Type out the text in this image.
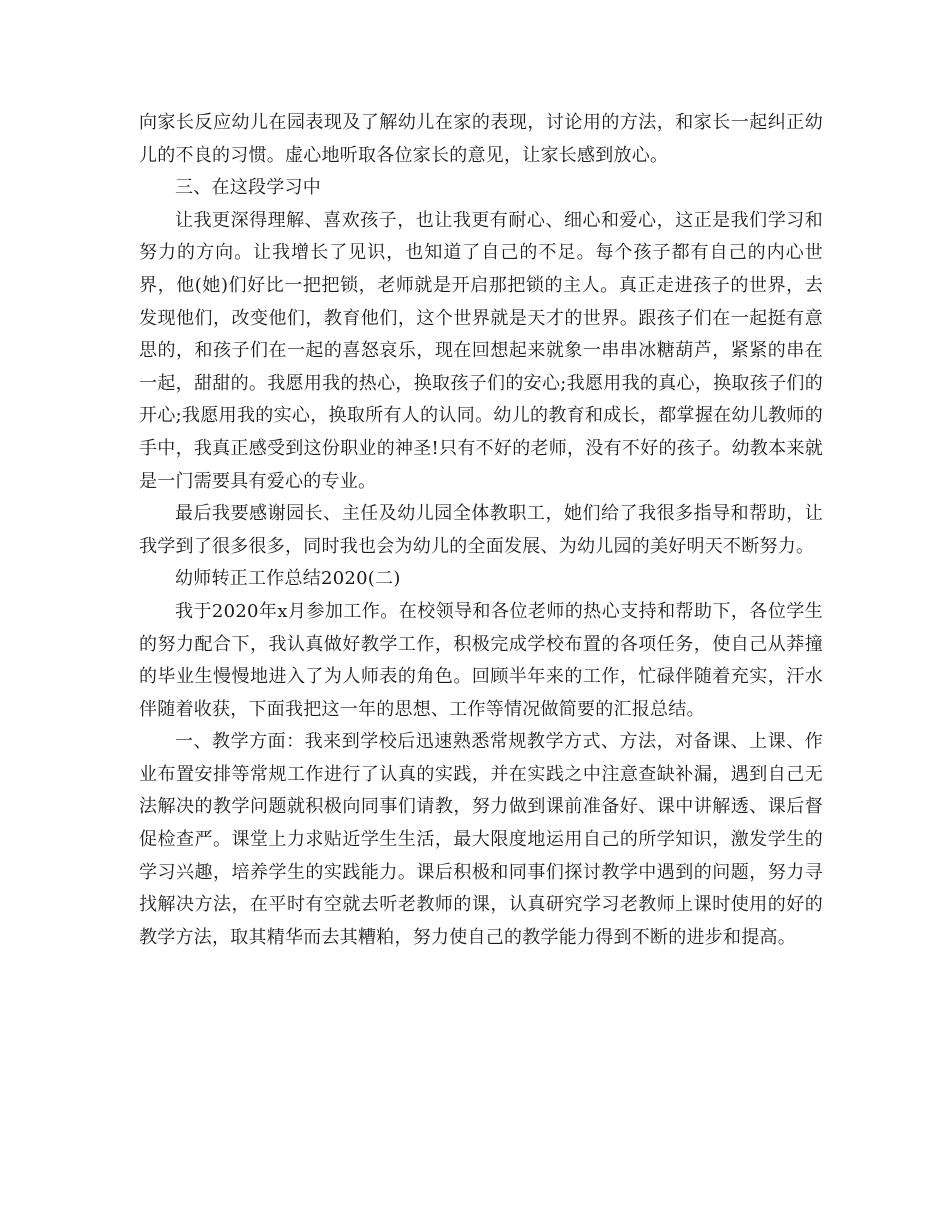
向家长反应幼儿在园表现及了解幼儿在家的表现，讨论用的方法，和家长一起纠正幼儿的不良的习惯。虚心地听取各位家长的意见，让家长感到放心。

三、在这段学习中

让我更深得理解、喜欢孩子，也让我更有耐心、细心和爱心，这正是我们学习和努力的方向。让我增长了见识，也知道了自己的不足。每个孩子都有自己的内心世界，他(她)们好比一把把锁，老师就是开启那把锁的主人。真正走进孩子的世界，去发现他们，改变他们，教育他们，这个世界就是天才的世界。跟孩子们在一起挺有意思的，和孩子们在一起的喜怒哀乐，现在回想起来就象一串串冰糖葫芦，紧紧的串在一起，甜甜的。我愿用我的热心，换取孩子们的安心;我愿用我的真心，换取孩子们的开心;我愿用我的实心，换取所有人的认同。幼儿的教育和成长，都掌握在幼儿教师的手中，我真正感受到这份职业的神圣!只有不好的老师，没有不好的孩子。幼教本来就是一门需要具有爱心的专业。

最后我要感谢园长、主任及幼儿园全体教职工，她们给了我很多指导和帮助，让我学到了很多很多，同时我也会为幼儿的全面发展、为幼儿园的美好明天不断努力。

幼师转正工作总结2020(二)

我于2020年x月参加工作。在校领导和各位老师的热心支持和帮助下，各位学生的努力配合下，我认真做好教学工作，积极完成学校布置的各项任务，使自己从莽撞的毕业生慢慢地进入了为人师表的角色。回顾半年来的工作，忙碌伴随着充实，汗水伴随着收获，下面我把这一年的思想、工作等情况做简要的汇报总结。

一、教学方面：我来到学校后迅速熟悉常规教学方式、方法，对备课、上课、作业布置安排等常规工作进行了认真的实践，并在实践之中注意查缺补漏，遇到自己无法解决的教学问题就积极向同事们请教，努力做到课前准备好、课中讲解透、课后督促检查严。课堂上力求贴近学生生活，最大限度地运用自己的所学知识，激发学生的学习兴趣，培养学生的实践能力。课后积极和同事们探讨教学中遇到的问题，努力寻找解决方法，在平时有空就去听老教师的课，认真研究学习老教师上课时使用的好的教学方法，取其精华而去其糟粕，努力使自己的教学能力得到不断的进步和提高。
